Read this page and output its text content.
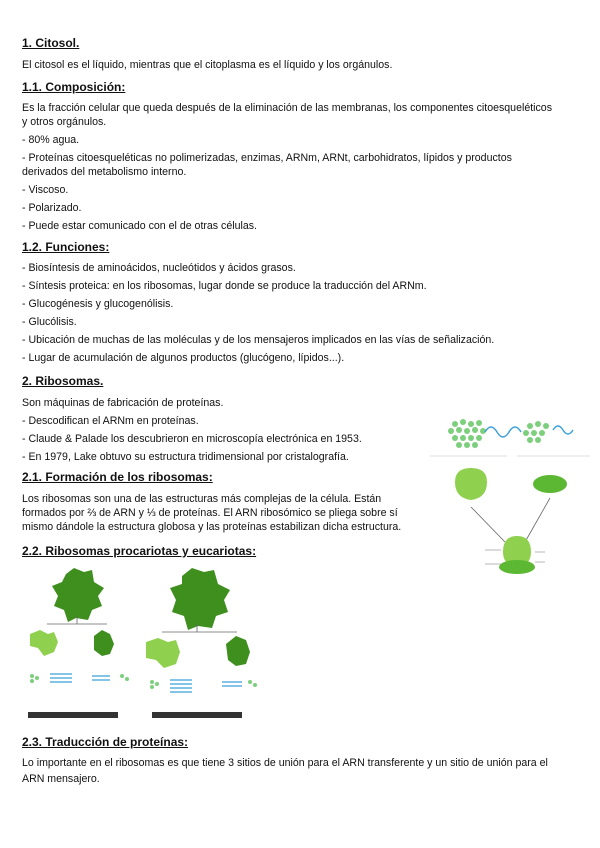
1. Citosol.
El citosol es el líquido, mientras que el citoplasma es el líquido y los orgánulos.
1.1. Composición:
Es la fracción celular que queda después de la eliminación de las membranas, los componentes citoesqueléticos
y otros orgánulos.
- 80% agua.
- Proteínas citoesqueléticas no polimerizadas, enzimas, ARNm, ARNt, carbohidratos, lípidos y productos
derivados del metabolismo interno.
- Viscoso.
- Polarizado.
- Puede estar comunicado con el de otras células.
1.2. Funciones:
- Biosíntesis de aminoácidos, nucleótidos y ácidos grasos.
- Síntesis proteica: en los ribosomas, lugar donde se produce la traducción del ARNm.
- Glucogénesis y glucogenólisis.
- Glucólisis.
- Ubicación de muchas de las moléculas y de los mensajeros implicados en las vías de señalización.
- Lugar de acumulación de algunos productos (glucógeno, lípidos...).
2. Ribosomas.
Son máquinas de fabricación de proteínas.
- Descodifican el ARNm en proteínas.
- Claude & Palade los descubrieron en microscopía electrónica en 1953.
- En 1979, Lake obtuvo su estructura tridimensional por cristalografía.
2.1. Formación de los ribosomas:
Los ribosomas son una de las estructuras más complejas de la célula. Están
formados por ⅔ de ARN y ⅓ de proteínas. El ARN ribosómico se pliega sobre sí
mismo dándole la estructura globosa y las proteínas estabilizan dicha estructura.
2.2. Ribosomas procariotas y eucariotas:
2.3. Traducción de proteínas:
Lo importante en el ribosomas es que tiene 3 sitios de unión para el ARN transferente y un sitio de unión para el
ARN mensajero.
